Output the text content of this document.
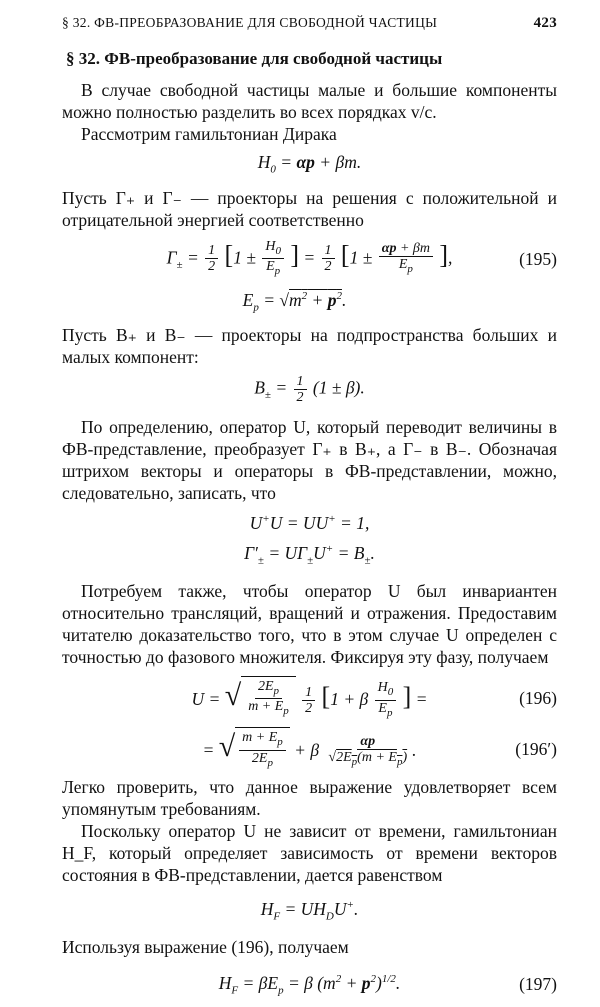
§ 32. ФВ-ПРЕОБРАЗОВАНИЕ ДЛЯ СВОБОДНОЙ ЧАСТИЦЫ	423
§ 32. ФВ-преобразование для свободной частицы

В случае свободной частицы малые и большие компоненты можно полностью разделить во всех порядках v/c.

Рассмотрим гамильтониан Дирака

$H_0 = \alpha p + \beta m$.

Пусть Γ₊ и Γ₋ — проекторы на решения с положительной и отрицательной энергией соответственно

$\Gamma_\pm = \frac{1}{2} [1 \pm \frac{H_0}{E_p}$ ] = $\frac{1}{2} [1 \pm \frac{\alpha p + \beta m}{E_p}$ ],	(195)
$E_p = √m^2 + p^2$.

Пусть B₊ и B₋ — проекторы на подпространства больших и малых компонент:

$B_\pm = \frac{1}{2} (1 \pm \beta)$.

По определению, оператор U, который переводит величины в ФВ-представление, преобразует Γ₊ в B₊, а Γ₋ в B₋. Обозначая штрихом векторы и операторы в ФВ-представлении, можно, следовательно, записать, что

U+U = UU+ = 1,
$\Gamma'_\pm = U\Gamma_\pm U^+ = B_\pm$.

Потребуем также, чтобы оператор U был инвариантен относительно трансляций, вращений и отражения. Предоставим читателю доказательство того, что в этом случае U определен с точностью до фазового множителя. Фиксируя эту фазу, получаем

U = √ $\frac{2E_p}{m + E_p}$
$\frac{1}{2} [1 + \beta \frac{H_0}{E_p}$ ] =	(196)
= √ $\frac{m + E_p}{2E_p} + \beta \frac{\alpha p}{√2E_p(m + E_p)}$ .	(196′)

Легко проверить, что данное выражение удовлетворяет всем упомянутым требованиям.

Поскольку оператор U не зависит от времени, гамильтониан H_F, который определяет зависимость от времени векторов состояния в ФВ-представлении, дается равенством

$H_F = UH_DU^+$.

Используя выражение (196), получаем

$H_F = \beta E_p = \beta$ $(m^2 + p^2)^{1/2}$.	(197)
